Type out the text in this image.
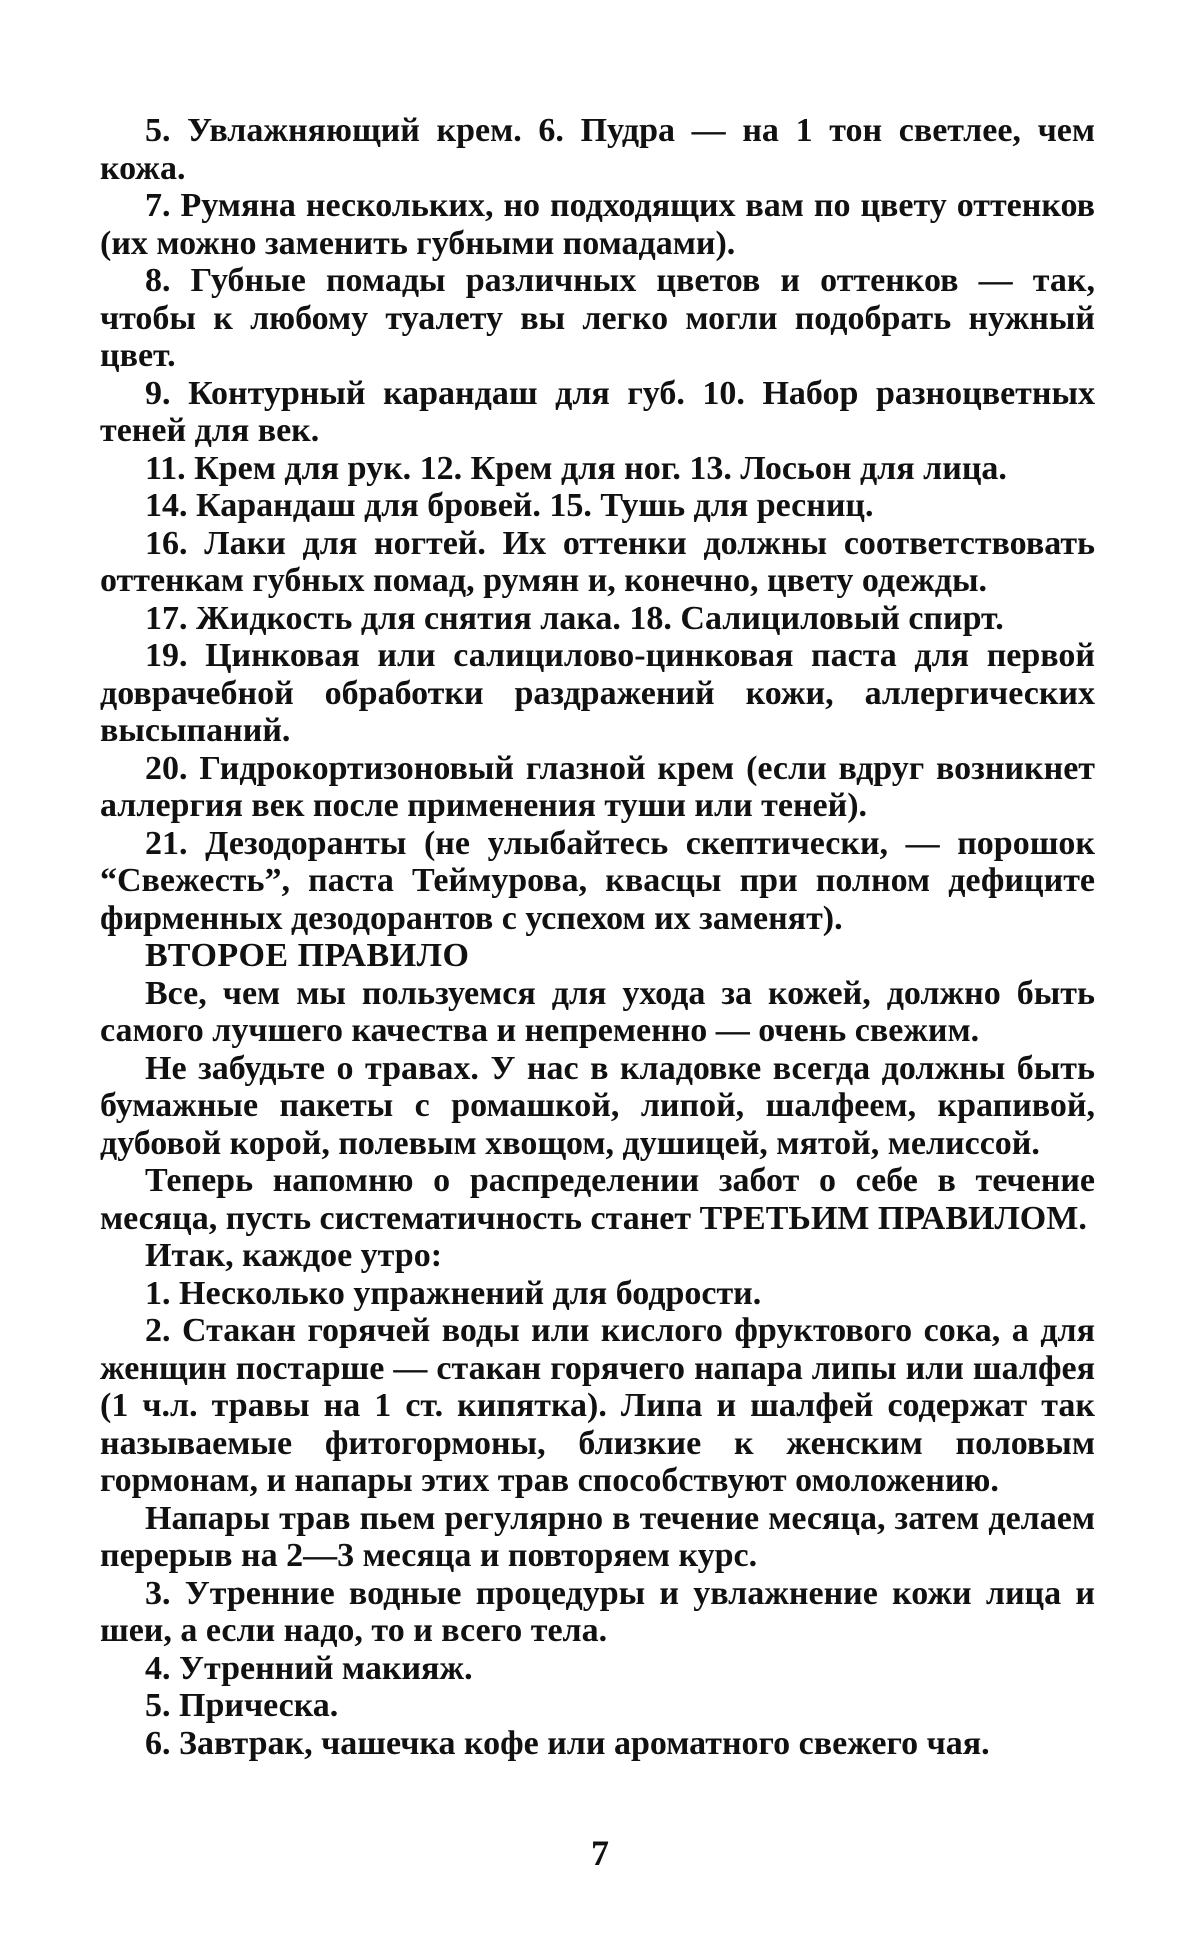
5. Увлажняющий крем. 6. Пудра — на 1 тон светлее, чем кожа.

7. Румяна нескольких, но подходящих вам по цвету оттенков (их можно заменить губными помадами).

8. Губные помады различных цветов и оттенков — так, чтобы к любому туалету вы легко могли подобрать нужный цвет.

9. Контурный карандаш для губ. 10. Набор разноцветных теней для век.

11. Крем для рук. 12. Крем для ног. 13. Лосьон для лица.

14. Карандаш для бровей. 15. Тушь для ресниц.

16. Лаки для ногтей. Их оттенки должны соответствовать оттенкам губных помад, румян и, конечно, цвету одежды.

17. Жидкость для снятия лака. 18. Салициловый спирт.

19. Цинковая или салицилово-цинковая паста для первой доврачебной обработки раздражений кожи, аллергических высыпаний.

20. Гидрокортизоновый глазной крем (если вдруг возникнет аллергия век после применения туши или теней).

21. Дезодоранты (не улыбайтесь скептически, — порошок “Свежесть”, паста Теймурова, квасцы при полном дефиците фирменных дезодорантов с успехом их заменят).

ВТОРОЕ ПРАВИЛО

Все, чем мы пользуемся для ухода за кожей, должно быть самого лучшего качества и непременно — очень свежим.

Не забудьте о травах. У нас в кладовке всегда должны быть бумажные пакеты с ромашкой, липой, шалфеем, крапивой, дубовой корой, полевым хвощом, душицей, мятой, мелиссой.

Теперь напомню о распределении забот о себе в течение месяца, пусть систематичность станет ТРЕТЬИМ ПРАВИЛОМ.

Итак, каждое утро:

1. Несколько упражнений для бодрости.

2. Стакан горячей воды или кислого фруктового сока, а для женщин постарше — стакан горячего напара липы или шалфея (1 ч.л. травы на 1 ст. кипятка). Липа и шалфей содержат так называемые фитогормоны, близкие к женским половым гормонам, и напары этих трав способствуют омоложению.

Напары трав пьем регулярно в течение месяца, затем делаем перерыв на 2—3 месяца и повторяем курс.

3. Утренние водные процедуры и увлажнение кожи лица и шеи, а если надо, то и всего тела.

4. Утренний макияж.

5. Прическа.

6. Завтрак, чашечка кофе или ароматного свежего чая.

7
